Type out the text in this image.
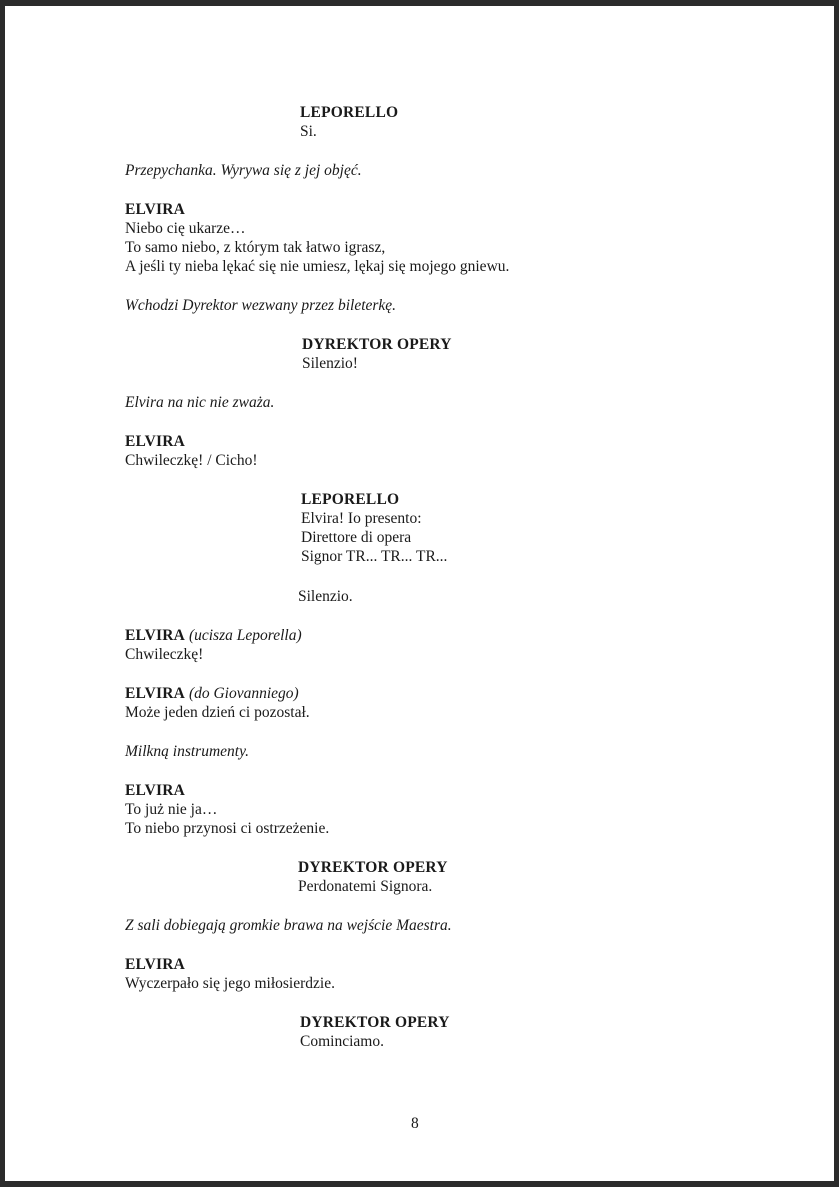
LEPORELLO
Si.
Przepychanka. Wyrywa się z jej objęć.
ELVIRA
Niebo cię ukarze…
To samo niebo, z którym tak łatwo igrasz,
A jeśli ty nieba lękać się nie umiesz, lękaj się mojego gniewu.
Wchodzi Dyrektor wezwany przez bileterkę.
DYREKTOR OPERY
Silenzio!
Elvira na nic nie zważa.
ELVIRA
Chwileczkę! / Cicho!
LEPORELLO
Elvira! Io presento:
Direttore di opera
Signor TR... TR... TR...
Silenzio.
ELVIRA (ucisza Leporella)
Chwileczkę!
ELVIRA (do Giovanniego)
Może jeden dzień ci pozostał.
Milkną instrumenty.
ELVIRA
To już nie ja…
To niebo przynosi ci ostrzeżenie.
DYREKTOR OPERY
Perdonatemi Signora.
Z sali dobiegają gromkie brawa na wejście Maestra.
ELVIRA
Wyczerpało się jego miłosierdzie.
DYREKTOR OPERY
Cominciamo.
8
